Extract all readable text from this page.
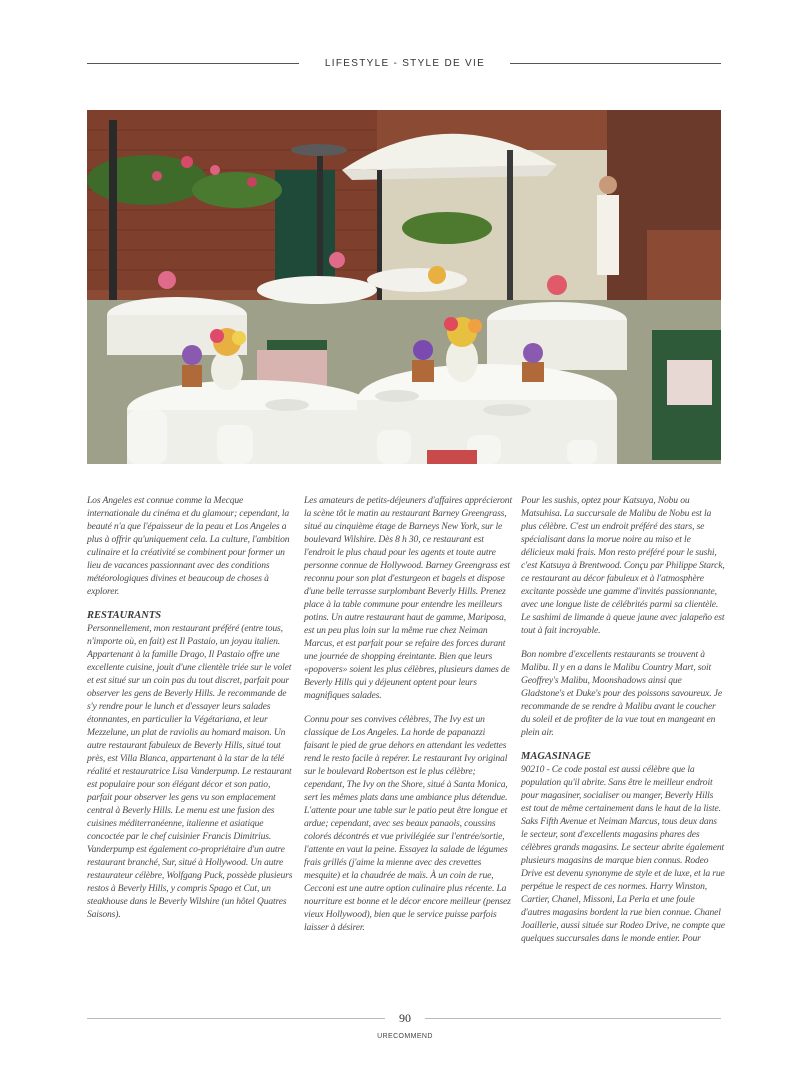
LIFESTYLE - STYLE DE VIE

Los Angeles est connue comme la Mecque internationale du cinéma et du glamour; cependant, la beauté n'a que l'épaisseur de la peau et Los Angeles a plus à offrir qu'uniquement cela. La culture, l'ambition culinaire et la créativité se combinent pour former un lieu de vacances passionnant avec des conditions météorologiques divines et beaucoup de choses à explorer.

RESTAURANTS

Personnellement, mon restaurant préféré (entre tous, n'importe où, en fait) est Il Pastaio, un joyau italien. Appartenant à la famille Drago, Il Pastaio offre une excellente cuisine, jouit d'une clientèle triée sur le volet et est situé sur un coin pas du tout discret, parfait pour observer les gens de Beverly Hills. Je recommande de s'y rendre pour le lunch et d'essayer leurs salades étonnantes, en particulier la Végétariana, et leur Mezzelune, un plat de raviolis au homard maison. Un autre restaurant fabuleux de Beverly Hills, situé tout près, est Villa Blanca, appartenant à la star de la télé réalité et restauratrice Lisa Vanderpump. Le restaurant est populaire pour son élégant décor et son patio, parfait pour observer les gens vu son emplacement central à Beverly Hills. Le menu est une fusion des cuisines méditerranéenne, italienne et asiatique concoctée par le chef cuisinier Francis Dimitrius. Vanderpump est également co-propriétaire d'un autre restaurant branché, Sur, situé à Hollywood. Un autre restaurateur célèbre, Wolfgang Puck, possède plusieurs restos à Beverly Hills, y compris Spago et Cut, un steakhouse dans le Beverly Wilshire (un hôtel Quatres Saisons).

Les amateurs de petits-déjeuners d'affaires apprécieront la scène tôt le matin au restaurant Barney Greengrass, situé au cinquième étage de Barneys New York, sur le boulevard Wilshire. Dès 8 h 30, ce restaurant est l'endroit le plus chaud pour les agents et toute autre personne connue de Hollywood. Barney Greengrass est reconnu pour son plat d'esturgeon et bagels et dispose d'une belle terrasse surplombant Beverly Hills. Prenez place à la table commune pour entendre les meilleurs potins. Un autre restaurant haut de gamme, Mariposa, est un peu plus loin sur la même rue chez Neiman Marcus, et est parfait pour se refaire des forces durant une journée de shopping éreintante. Bien que leurs «popovers» soient les plus célèbres, plusieurs dames de Beverly Hills qui y déjeunent optent pour leurs magnifiques salades.

Connu pour ses convives célèbres, The Ivy est un classique de Los Angeles. La horde de papanazzi faisant le pied de grue dehors en attendant les vedettes rend le resto facile à repérer. Le restaurant Ivy original sur le boulevard Robertson est le plus célèbre; cependant, The Ivy on the Shore, situé à Santa Monica, sert les mêmes plats dans une ambiance plus détendue. L'attente pour une table sur le patio peut être longue et ardue; cependant, avec ses beaux panaols, coussins colorés décontrés et vue privilégiée sur l'entrée/sortie, l'attente en vaut la peine. Essayez la salade de légumes frais grillés (j'aime la mienne avec des crevettes mesquite) et la chaudrée de maïs. À un coin de rue, Cecconi est une autre option culinaire plus récente. La nourriture est bonne et le décor encore meilleur (pensez vieux Hollywood), bien que le service puisse parfois laisser à désirer.

Pour les sushis, optez pour Katsuya, Nobu ou Matsuhisa. La succursale de Malibu de Nobu est la plus célèbre. C'est un endroit préféré des stars, se spécialisant dans la morue noire au miso et le délicieux maki frais. Mon resto préféré pour le sushi, c'est Katsuya à Brentwood. Conçu par Philippe Starck, ce restaurant au décor fabuleux et à l'atmosphère excitante possède une gamme d'invités passionnante, avec une longue liste de célébrités parmi sa clientèle. Le sashimi de limande à queue jaune avec jalapeño est tout à fait incroyable.

Bon nombre d'excellents restaurants se trouvent à Malibu. Il y en a dans le Malibu Country Mart, soit Geoffrey's Malibu, Moonshadows ainsi que Gladstone's et Duke's pour des poissons savoureux. Je recommande de se rendre à Malibu avant le coucher du soleil et de profiter de la vue tout en mangeant en plein air.

MAGASINAGE

90210 - Ce code postal est aussi célèbre que la population qu'il abrite. Sans être le meilleur endroit pour magasiner, socialiser ou manger, Beverly Hills est tout de même certainement dans le haut de la liste. Saks Fifth Avenue et Neiman Marcus, tous deux dans le secteur, sont d'excellents magasins phares des célèbres grands magasins. Le secteur abrite également plusieurs magasins de marque bien connus. Rodeo Drive est devenu synonyme de style et de luxe, et la rue perpétue le respect de ces normes. Harry Winston, Cartier, Chanel, Missoni, La Perla et une foule d'autres magasins bordent la rue bien connue. Chanel Joaillerie, aussi située sur Rodeo Drive, ne compte que quelques succursales dans le monde entier. Pour

90
URECOMMEND
